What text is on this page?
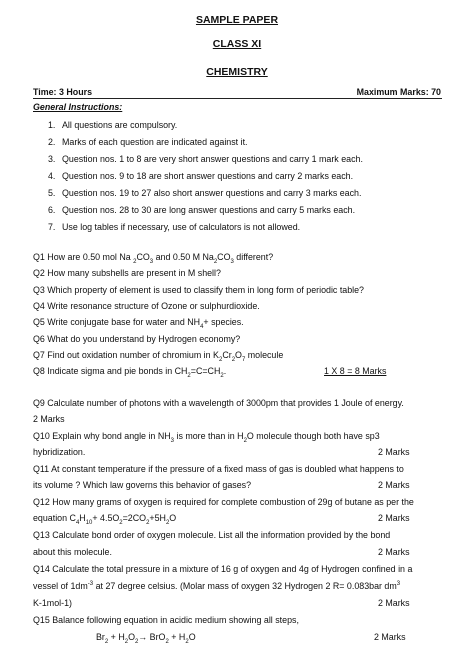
SAMPLE PAPER
CLASS XI
CHEMISTRY
Time: 3 Hours	Maximum Marks: 70
General Instructions:
1. All questions are compulsory.
2. Marks of each question are indicated against it.
3. Question nos. 1 to 8 are very short answer questions and carry 1 mark each.
4. Question nos. 9 to 18 are short answer questions and carry 2 marks each.
5. Question nos. 19 to 27 also short answer questions and carry 3 marks each.
6. Question nos. 28 to 30 are long answer questions and carry 5 marks each.
7. Use log tables if necessary, use of calculators is not allowed.
Q1 How are 0.50 mol Na $_2CO_3$ and 0.50 M $Na_2CO_3$ different?
Q2 How many subshells are present in M shell?
Q3 Which property of element is used to classify them in long form of periodic table?
Q4 Write resonance structure of Ozone or sulphurdioxide.
Q5 Write conjugate base for water and $NH_4+$ species.
Q6 What do you understand by Hydrogen economy?
Q7 Find out oxidation number of chromium in $K_2Cr_2O_7$ molecule
Q8 Indicate sigma and pie bonds in $CH_2=C=CH_2$.	1 X 8 = 8 Marks
Q9 Calculate number of photons with a wavelength of 3000pm that provides 1 Joule of energy.
2 Marks
Q10 Explain why bond angle in $NH_3$ is more than in $H_2O$ molecule though both have sp3
hybridization.	2 Marks
Q11 At constant temperature if the pressure of a fixed mass of gas is doubled what happens to
its volume ? Which law governs this behavior of gases?	2 Marks
Q12 How many grams of oxygen is required for complete combustion of 29g of butane as per the
equation $C_4H_{10}+ 4.5O_2=2CO_2+5H_2O$	2 Marks
Q13 Calculate bond order of oxygen molecule. List all the information provided by the bond
about this molecule.	2 Marks
Q14 Calculate the total pressure in a mixture of 16 g of oxygen and 4g of Hydrogen confined in a
vessel of $1dm^{-3}$ at 27 degree celsius. (Molar mass of oxygen 32 Hydrogen 2 R= 0.083bar $dm^3$
K-1mol-1)	2 Marks
Q15 Balance following equation in acidic medium showing all steps,
$Br_2 + H_2O_2\to BrO_2 + H_2O$	2 Marks
